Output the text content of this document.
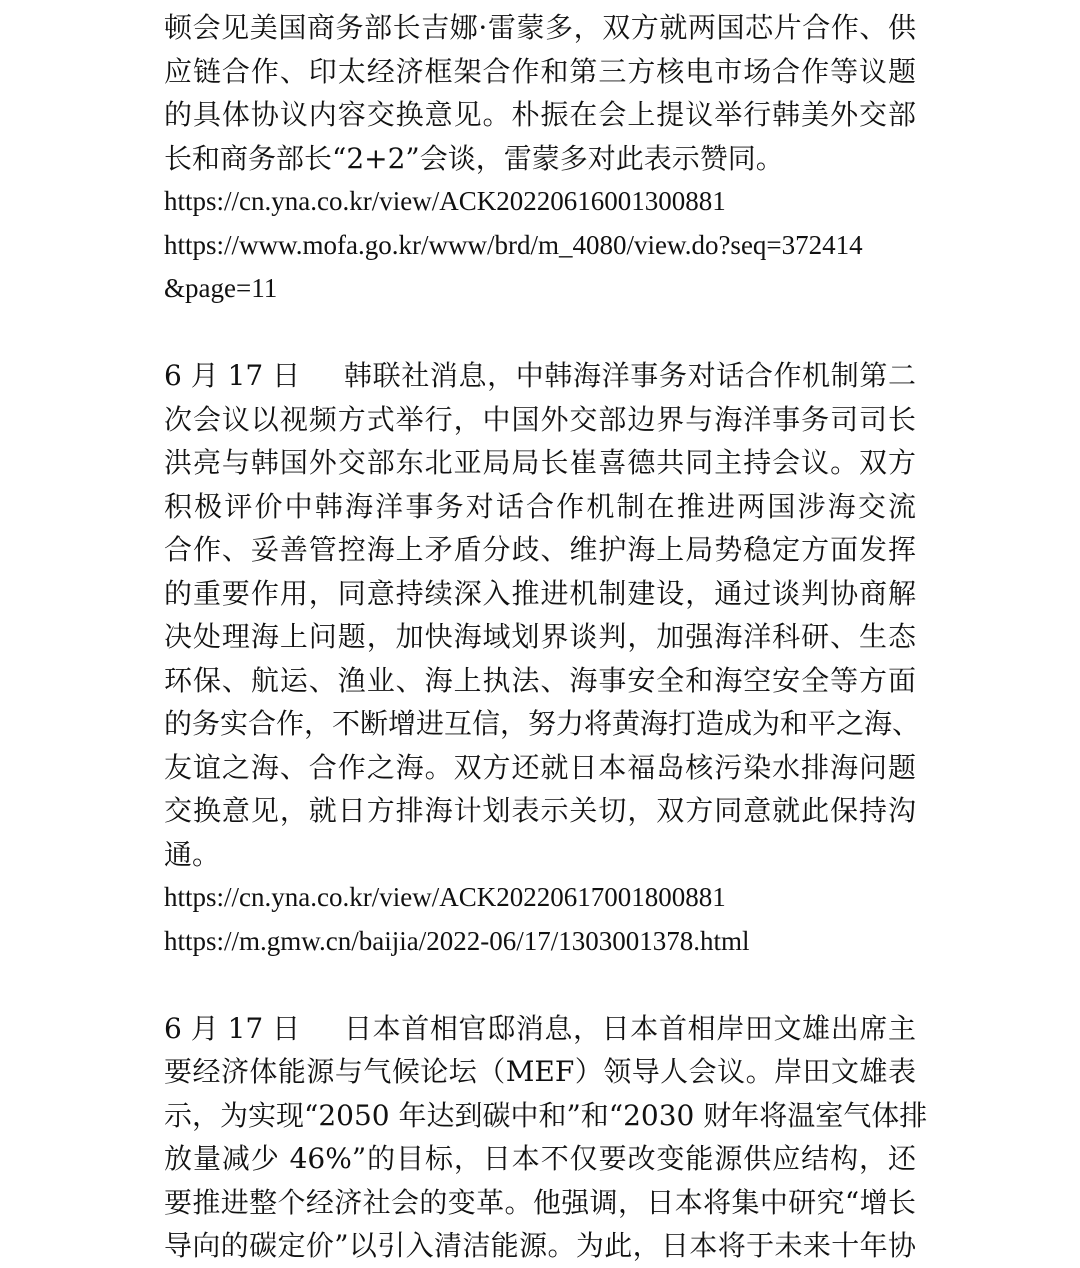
顿会见美国商务部长吉娜·雷蒙多，双方就两国芯片合作、供
应链合作、印太经济框架合作和第三方核电市场合作等议题
的具体协议内容交换意见。朴振在会上提议举行韩美外交部
长和商务部长“2+2”会谈，雷蒙多对此表示赞同。
https://cn.yna.co.kr/view/ACK20220616001300881
https://www.mofa.go.kr/www/brd/m_4080/view.do?seq=372414
&page=11
6 月 17 日	韩联社消息，中韩海洋事务对话合作机制第二
次会议以视频方式举行，中国外交部边界与海洋事务司司长
洪亮与韩国外交部东北亚局局长崔喜德共同主持会议。双方
积极评价中韩海洋事务对话合作机制在推进两国涉海交流
合作、妥善管控海上矛盾分歧、维护海上局势稳定方面发挥
的重要作用，同意持续深入推进机制建设，通过谈判协商解
决处理海上问题，加快海域划界谈判，加强海洋科研、生态
环保、航运、渔业、海上执法、海事安全和海空安全等方面
的务实合作，不断增进互信，努力将黄海打造成为和平之海、
友谊之海、合作之海。双方还就日本福岛核污染水排海问题
交换意见，就日方排海计划表示关切，双方同意就此保持沟
通。
https://cn.yna.co.kr/view/ACK20220617001800881
https://m.gmw.cn/baijia/2022-06/17/1303001378.html
6 月 17 日	日本首相官邸消息，日本首相岸田文雄出席主
要经济体能源与气候论坛（MEF）领导人会议。岸田文雄表
示，为实现“2050 年达到碳中和”和“2030 财年将温室气体排
放量减少 46%”的目标，日本不仅要改变能源供应结构，还
要推进整个经济社会的变革。他强调，日本将集中研究“增长
导向的碳定价”以引入清洁能源。为此，日本将于未来十年协
